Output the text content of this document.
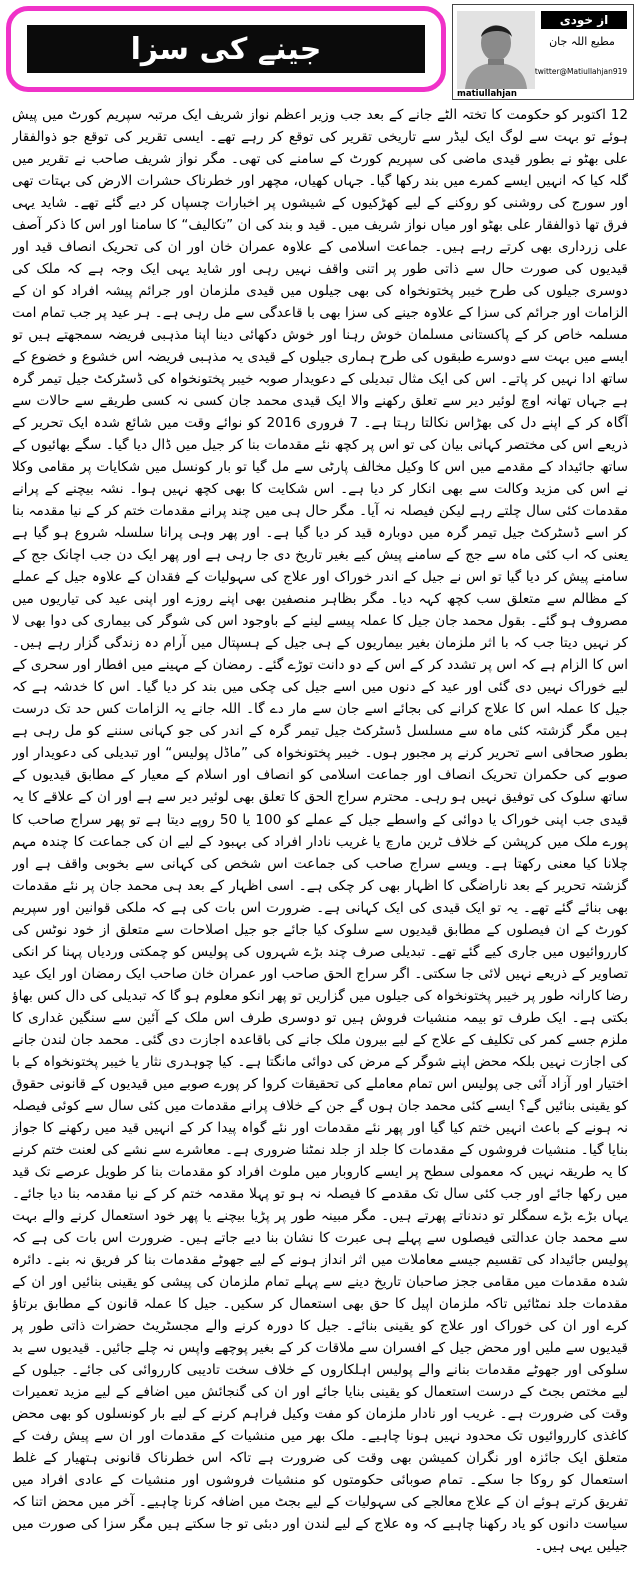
جینے کی سزا
matiullahjan
از خودی
مطیع اللہ جان
twitter@Matiullahjan919

12 اکتوبر کو حکومت کا تختہ الٹے جانے کے بعد جب وزیر اعظم نواز شریف ایک مرتبہ سپریم کورٹ میں پیش ہوئے تو بہت سے لوگ ایک لیڈر سے تاریخی تقریر کی توقع کر رہے تھے۔ ایسی تقریر کی توقع جو ذوالفقار علی بھٹو نے بطور قیدی ماضی کی سپریم کورٹ کے سامنے کی تھی۔ مگر نواز شریف صاحب نے تقریر میں گلہ کیا کہ انہیں ایسے کمرے میں بند رکھا گیا۔ جہاں کھیاں، مچھر اور خطرناک حشرات الارض کی بہتات تھی اور سورج کی روشنی کو روکنے کے لیے کھڑکیوں کے شیشوں پر اخبارات چسپاں کر دیے گئے تھے۔ شاید یہی فرق تھا ذوالفقار علی بھٹو اور میاں نواز شریف میں۔ قید و بند کی ان ”تکالیف“ کا سامنا اور اس کا ذکر آصف علی زرداری بھی کرتے رہے ہیں۔ جماعت اسلامی کے علاوہ عمران خان اور ان کی تحریک انصاف قید اور قیدیوں کی صورت حال سے ذاتی طور پر اتنی واقف نہیں رہی اور شاید یہی ایک وجہ ہے کہ ملک کی دوسری جیلوں کی طرح خیبر پختونخواہ کی بھی جیلوں میں قیدی ملزمان اور جرائم پیشہ افراد کو ان کے الزامات اور جرائم کی سزا کے علاوہ جینے کی سزا بھی با قاعدگی سے مل رہی ہے۔ ہر عید پر جب تمام امت مسلمہ خاص کر کے پاکستانی مسلمان خوش رہنا اور خوش دکھائی دینا اپنا مذہبی فریضہ سمجھتے ہیں تو ایسے میں بہت سے دوسرے طبقوں کی طرح ہماری جیلوں کے قیدی یہ مذہبی فریضہ اس خشوع و خضوع کے ساتھ ادا نہیں کر پاتے۔ اس کی ایک مثال تبدیلی کے دعویدار صوبہ خیبر پختونخواہ کی ڈسٹرکٹ جیل تیمر گرہ ہے جہاں تھانہ اوچ لوئیر دیر سے تعلق رکھنے والا ایک قیدی محمد جان کسی نہ کسی طریقے سے حالات سے آگاہ کر کے اپنے دل کی بھڑاس نکالتا رہتا ہے۔ 7 فروری 2016 کو نوائے وقت میں شائع شدہ ایک تحریر کے ذریعے اس کی مختصر کہانی بیان کی تو اس پر کچھ نئے مقدمات بنا کر جیل میں ڈال دیا گیا۔ سگے بھائیوں کے ساتھ جائیداد کے مقدمے میں اس کا وکیل مخالف پارٹی سے مل گیا تو بار کونسل میں شکایات پر مقامی وکلا نے اس کی مزید وکالت سے بھی انکار کر دیا ہے۔ اس شکایت کا بھی کچھ نہیں ہوا۔ نشہ بیچنے کے پرانے مقدمات کئی سال چلتے رہے لیکن فیصلہ نہ آیا۔ مگر حال ہی میں چند پرانے مقدمات ختم کر کے نیا مقدمہ بنا کر اسے ڈسٹرکٹ جیل تیمر گرہ میں دوبارہ قید کر دیا گیا ہے۔ اور پھر وہی پرانا سلسلہ شروع ہو گیا ہے یعنی کہ اب کئی ماہ سے جج کے سامنے پیش کیے بغیر تاریخ دی جا رہی ہے اور پھر ایک دن جب اچانک جج کے سامنے پیش کر دیا گیا تو اس نے جیل کے اندر خوراک اور علاج کی سہولیات کے فقدان کے علاوہ جیل کے عملے کے مظالم سے متعلق سب کچھ کہہ دیا۔ مگر بظاہر منصفین بھی اپنے روزے اور اپنی عید کی تیاریوں میں مصروف ہو گئے۔ بقول محمد جان جیل کا عملہ پیسے لینے کے باوجود اس کی شوگر کی بیماری کی دوا بھی لا کر نہیں دیتا جب کہ با اثر ملزمان بغیر بیماریوں کے ہی جیل کے ہسپتال میں آرام دہ زندگی گزار رہے ہیں۔ اس کا الزام ہے کہ اس پر تشدد کر کے اس کے دو دانت توڑے گئے۔ رمضان کے مہینے میں افطار اور سحری کے لیے خوراک نہیں دی گئی اور عید کے دنوں میں اسے جیل کی چکی میں بند کر دیا گیا۔ اس کا خدشہ ہے کہ جیل کا عملہ اس کا علاج کرانے کی بجائے اسے جان سے مار دے گا۔ اللہ جانے یہ الزامات کس حد تک درست ہیں مگر گزشتہ کئی ماہ سے مسلسل ڈسٹرکٹ جیل تیمر گرہ کے اندر کی جو کہانی سننے کو مل رہی ہے بطور صحافی اسے تحریر کرنے پر مجبور ہوں۔ خیبر پختونخواہ کی ”ماڈل پولیس“ اور تبدیلی کی دعویدار اور صوبے کی حکمران تحریک انصاف اور جماعت اسلامی کو انصاف اور اسلام کے معیار کے مطابق قیدیوں کے ساتھ سلوک کی توفیق نہیں ہو رہی۔ محترم سراج الحق کا تعلق بھی لوئیر دیر سے ہے اور ان کے علاقے کا یہ قیدی جب اپنی خوراک یا دوائی کے واسطے جیل کے عملے کو 100 یا 50 روپے دیتا ہے تو پھر سراج صاحب کا پورے ملک میں کرپشن کے خلاف ٹرین مارچ یا غریب نادار افراد کی بہبود کے لیے ان کی جماعت کا چندہ مہم چلانا کیا معنی رکھتا ہے۔ ویسے سراج صاحب کی جماعت اس شخص کی کہانی سے بخوبی واقف ہے اور گزشتہ تحریر کے بعد ناراضگی کا اظہار بھی کر چکی ہے۔ اسی اظہار کے بعد ہی محمد جان پر نئے مقدمات بھی بنائے گئے تھے۔ یہ تو ایک قیدی کی ایک کہانی ہے۔ ضرورت اس بات کی ہے کہ ملکی قوانین اور سپریم کورٹ کے ان فیصلوں کے مطابق قیدیوں سے سلوک کیا جائے جو جیل اصلاحات سے متعلق از خود نوٹس کی کارروائیوں میں جاری کیے گئے تھے۔ تبدیلی صرف چند بڑے شہروں کی پولیس کو چمکتی وردیاں پہنا کر انکی تصاویر کے ذریعے نہیں لائی جا سکتی۔ اگر سراج الحق صاحب اور عمران خان صاحب ایک رمضان اور ایک عید رضا کارانہ طور پر خیبر پختونخواہ کی جیلوں میں گزاریں تو پھر انکو معلوم ہو گا کہ تبدیلی کی دال کس بھاؤ بکتی ہے۔ ایک طرف تو بیمہ منشیات فروش ہیں تو دوسری طرف اس ملک کے آئین سے سنگین غداری کا ملزم جسے کمر کی تکلیف کے علاج کے لیے بیرون ملک جانے کی باقاعدہ اجازت دی گئی۔ محمد جان لندن جانے کی اجازت نہیں بلکہ محض اپنے شوگر کے مرض کی دوائی مانگتا ہے۔ کیا چوہدری نثار یا خیبر پختونخواہ کے با اختیار اور آزاد آئی جی پولیس اس تمام معاملے کی تحقیقات کروا کر پورے صوبے میں قیدیوں کے قانونی حقوق کو یقینی بنائیں گے؟ ایسے کئی محمد جان ہوں گے جن کے خلاف پرانے مقدمات میں کئی سال سے کوئی فیصلہ نہ ہونے کے باعث انہیں ختم کیا گیا اور پھر نئے مقدمات اور نئے گواہ پیدا کر کے انہیں قید میں رکھنے کا جواز بنایا گیا۔ منشیات فروشوں کے مقدمات کا جلد از جلد نمٹنا ضروری ہے۔ معاشرے سے نشے کی لعنت ختم کرنے کا یہ طریقہ نہیں کہ معمولی سطح پر ایسے کاروبار میں ملوث افراد کو مقدمات بنا کر طویل عرصے تک قید میں رکھا جائے اور جب کئی سال تک مقدمے کا فیصلہ نہ ہو تو پہلا مقدمہ ختم کر کے نیا مقدمہ بنا دیا جائے۔ یہاں بڑے بڑے سمگلر تو دندناتے پھرتے ہیں۔ مگر مبینہ طور پر پڑیا بیچنے یا پھر خود استعمال کرنے والے بہت سے محمد جان عدالتی فیصلوں سے پہلے ہی عبرت کا نشان بنا دیے جاتے ہیں۔ ضرورت اس بات کی ہے کہ پولیس جائیداد کی تقسیم جیسے معاملات میں اثر انداز ہونے کے لیے جھوٹے مقدمات بنا کر فریق نہ بنے۔ دائرہ شدہ مقدمات میں مقامی ججز صاحبان تاریخ دینے سے پہلے تمام ملزمان کی پیشی کو یقینی بنائیں اور ان کے مقدمات جلد نمٹائیں تاکہ ملزمان اپیل کا حق بھی استعمال کر سکیں۔ جیل کا عملہ قانون کے مطابق برتاؤ کرے اور ان کی خوراک اور علاج کو یقینی بنائے۔ جیل کا دورہ کرنے والے مجسٹریٹ حضرات ذاتی طور پر قیدیوں سے ملیں اور محض جیل کے افسران سے ملاقات کر کے بغیر پوچھے واپس نہ چلے جائیں۔ قیدیوں سے بد سلوکی اور جھوٹے مقدمات بنانے والے پولیس اہلکاروں کے خلاف سخت تادیبی کارروائی کی جائے۔ جیلوں کے لیے مختص بجٹ کے درست استعمال کو یقینی بنایا جائے اور ان کی گنجائش میں اضافے کے لیے مزید تعمیرات وقت کی ضرورت ہے۔ غریب اور نادار ملزمان کو مفت وکیل فراہم کرنے کے لیے بار کونسلوں کو بھی محض کاغذی کارروائیوں تک محدود نہیں ہونا چاہیے۔ ملک بھر میں منشیات کے مقدمات اور ان سے پیش رفت کے متعلق ایک جائزہ اور نگران کمیشن بھی وقت کی ضرورت ہے تاکہ اس خطرناک قانونی ہتھیار کے غلط استعمال کو روکا جا سکے۔ تمام صوبائی حکومتوں کو منشیات فروشوں اور منشیات کے عادی افراد میں تفریق کرتے ہوئے ان کے علاج معالجے کی سہولیات کے لیے بجٹ میں اضافہ کرنا چاہیے۔ آخر میں محض اتنا کہ سیاست دانوں کو یاد رکھنا چاہیے کہ وہ علاج کے لیے لندن اور دبئی تو جا سکتے ہیں مگر سزا کی صورت میں جیلیں یہی ہیں۔
